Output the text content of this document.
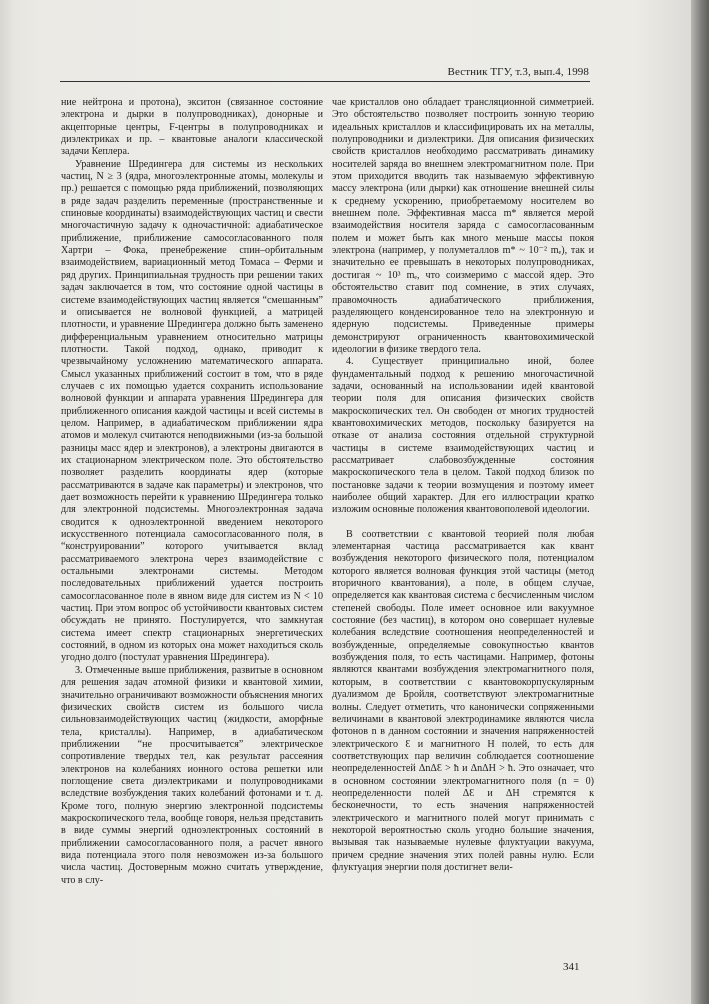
Вестник ТГУ, т.3, вып.4, 1998

ние нейтрона и протона), экситон (связанное состояние электрона и дырки в полупроводниках), донорные и акцепторные центры, F-центры в полупроводниках и диэлектриках и пр. – квантовые аналоги классической задачи Кеплера.

Уравнение Шредингера для системы из нескольких частиц, N ≥ 3 (ядра, многоэлектронные атомы, молекулы и пр.) решается с помощью ряда приближений, позволяющих в ряде задач разделить переменные (пространственные и спиновые координаты) взаимодействующих частиц и свести многочастичную задачу к одночастичной: адиабатическое приближение, приближение самосогласованного поля Хартри – Фока, пренебрежение спин–орбитальным взаимодействием, вариационный метод Томаса – Ферми и ряд других. Принципиальная трудность при решении таких задач заключается в том, что состояние одной частицы в системе взаимодействующих частиц является “смешанным” и описывается не волновой функцией, а матрицей плотности, и уравнение Шредингера должно быть заменено дифференциальным уравнением относительно матрицы плотности. Такой подход, однако, приводит к чрезвычайному усложнению математического аппарата. Смысл указанных приближений состоит в том, что в ряде случаев с их помощью удается сохранить использование волновой функции и аппарата уравнения Шредингера для приближенного описания каждой частицы и всей системы в целом. Например, в адиабатическом приближении ядра атомов и молекул считаются неподвижными (из-за большой разницы масс ядер и электронов), а электроны двигаются в их стационарном электрическом поле. Это обстоятельство позволяет разделить координаты ядер (которые рассматриваются в задаче как параметры) и электронов, что дает возможность перейти к уравнению Шредингера только для электронной подсистемы. Многоэлектронная задача сводится к одноэлектронной введением некоторого искусственного потенциала самосогласованного поля, в “конструировании” которого учитывается вклад рассматриваемого электрона через взаимодействие с остальными электронами системы. Методом последовательных приближений удается построить самосогласованное поле в явном виде для систем из N < 10 частиц. При этом вопрос об устойчивости квантовых систем обсуждать не принято. Постулируется, что замкнутая система имеет спектр стационарных энергетических состояний, в одном из которых она может находиться сколь угодно долго (постулат уравнения Шредингера).

3. Отмеченные выше приближения, развитые в основном для решения задач атомной физики и квантовой химии, значительно ограничивают возможности объяснения многих физических свойств систем из большого числа сильновзаимодействующих частиц (жидкости, аморфные тела, кристаллы). Например, в адиабатическом приближении “не просчитывается” электрическое сопротивление твердых тел, как результат рассеяния электронов на колебаниях ионного остова решетки или поглощение света диэлектриками и полупроводниками вследствие возбуждения таких колебаний фотонами и т. д. Кроме того, полную энергию электронной подсистемы макроскопического тела, вообще говоря, нельзя представить в виде суммы энергий одноэлектронных состояний в приближении самосогласованного поля, а расчет явного вида потенциала этого поля невозможен из-за большого числа частиц. Достоверным можно считать утверждение, что в слу-

чае кристаллов оно обладает трансляционной симметрией. Это обстоятельство позволяет построить зонную теорию идеальных кристаллов и классифицировать их на металлы, полупроводники и диэлектрики. Для описания физических свойств кристаллов необходимо рассматривать динамику носителей заряда во внешнем электромагнитном поле. При этом приходится вводить так называемую эффективную массу электрона (или дырки) как отношение внешней силы к среднему ускорению, приобретаемому носителем во внешнем поле. Эффективная масса m* является мерой взаимодействия носителя заряда с самосогласованным полем и может быть как много меньше массы покоя электрона (например, у полуметаллов m* ~ 10⁻² mₑ), так и значительно ее превышать в некоторых полупроводниках, достигая ~ 10³ mₑ, что соизмеримо с массой ядер. Это обстоятельство ставит под сомнение, в этих случаях, правомочность адиабатического приближения, разделяющего конденсированное тело на электронную и ядерную подсистемы. Приведенные примеры демонстрируют ограниченность квантовохимической идеологии в физике твердого тела.

4. Существует принципиально иной, более фундаментальный подход к решению многочастичной задачи, основанный на использовании идей квантовой теории поля для описания физических свойств макроскопических тел. Он свободен от многих трудностей квантовохимических методов, поскольку базируется на отказе от анализа состояния отдельной структурной частицы в системе взаимодействующих частиц и рассматривает слабовозбужденные состояния макроскопического тела в целом. Такой подход близок по постановке задачи к теории возмущения и поэтому имеет наиболее общий характер. Для его иллюстрации кратко изложим основные положения квантовополевой идеологии.

В соответствии с квантовой теорией поля любая элементарная частица рассматривается как квант возбуждения некоторого физического поля, потенциалом которого является волновая функция этой частицы (метод вторичного квантования), а поле, в общем случае, определяется как квантовая система с бесчисленным числом степеней свободы. Поле имеет основное или вакуумное состояние (без частиц), в котором оно совершает нулевые колебания вследствие соотношения неопределенностей и возбужденные, определяемые совокупностью квантов возбуждения поля, то есть частицами. Например, фотоны являются квантами возбуждения электромагнитного поля, которым, в соответствии с квантовокорпускулярным дуализмом де Бройля, соответствуют электромагнитные волны. Следует отметить, что канонически сопряженными величинами в квантовой электродинамике являются числа фотонов n в данном состоянии и значения напряженностей электрического Ɛ и магнитного H полей, то есть для соответствующих пар величин соблюдается соотношение неопределенностей ΔnΔƐ > ħ и ΔnΔH > ħ. Это означает, что в основном состоянии электромагнитного поля (n = 0) неопределенности полей ΔƐ и ΔH стремятся к бесконечности, то есть значения напряженностей электрического и магнитного полей могут принимать с некоторой вероятностью сколь угодно большие значения, вызывая так называемые нулевые флуктуации вакуума, причем средние значения этих полей равны нулю. Если флуктуация энергии поля достигнет вели-

341
